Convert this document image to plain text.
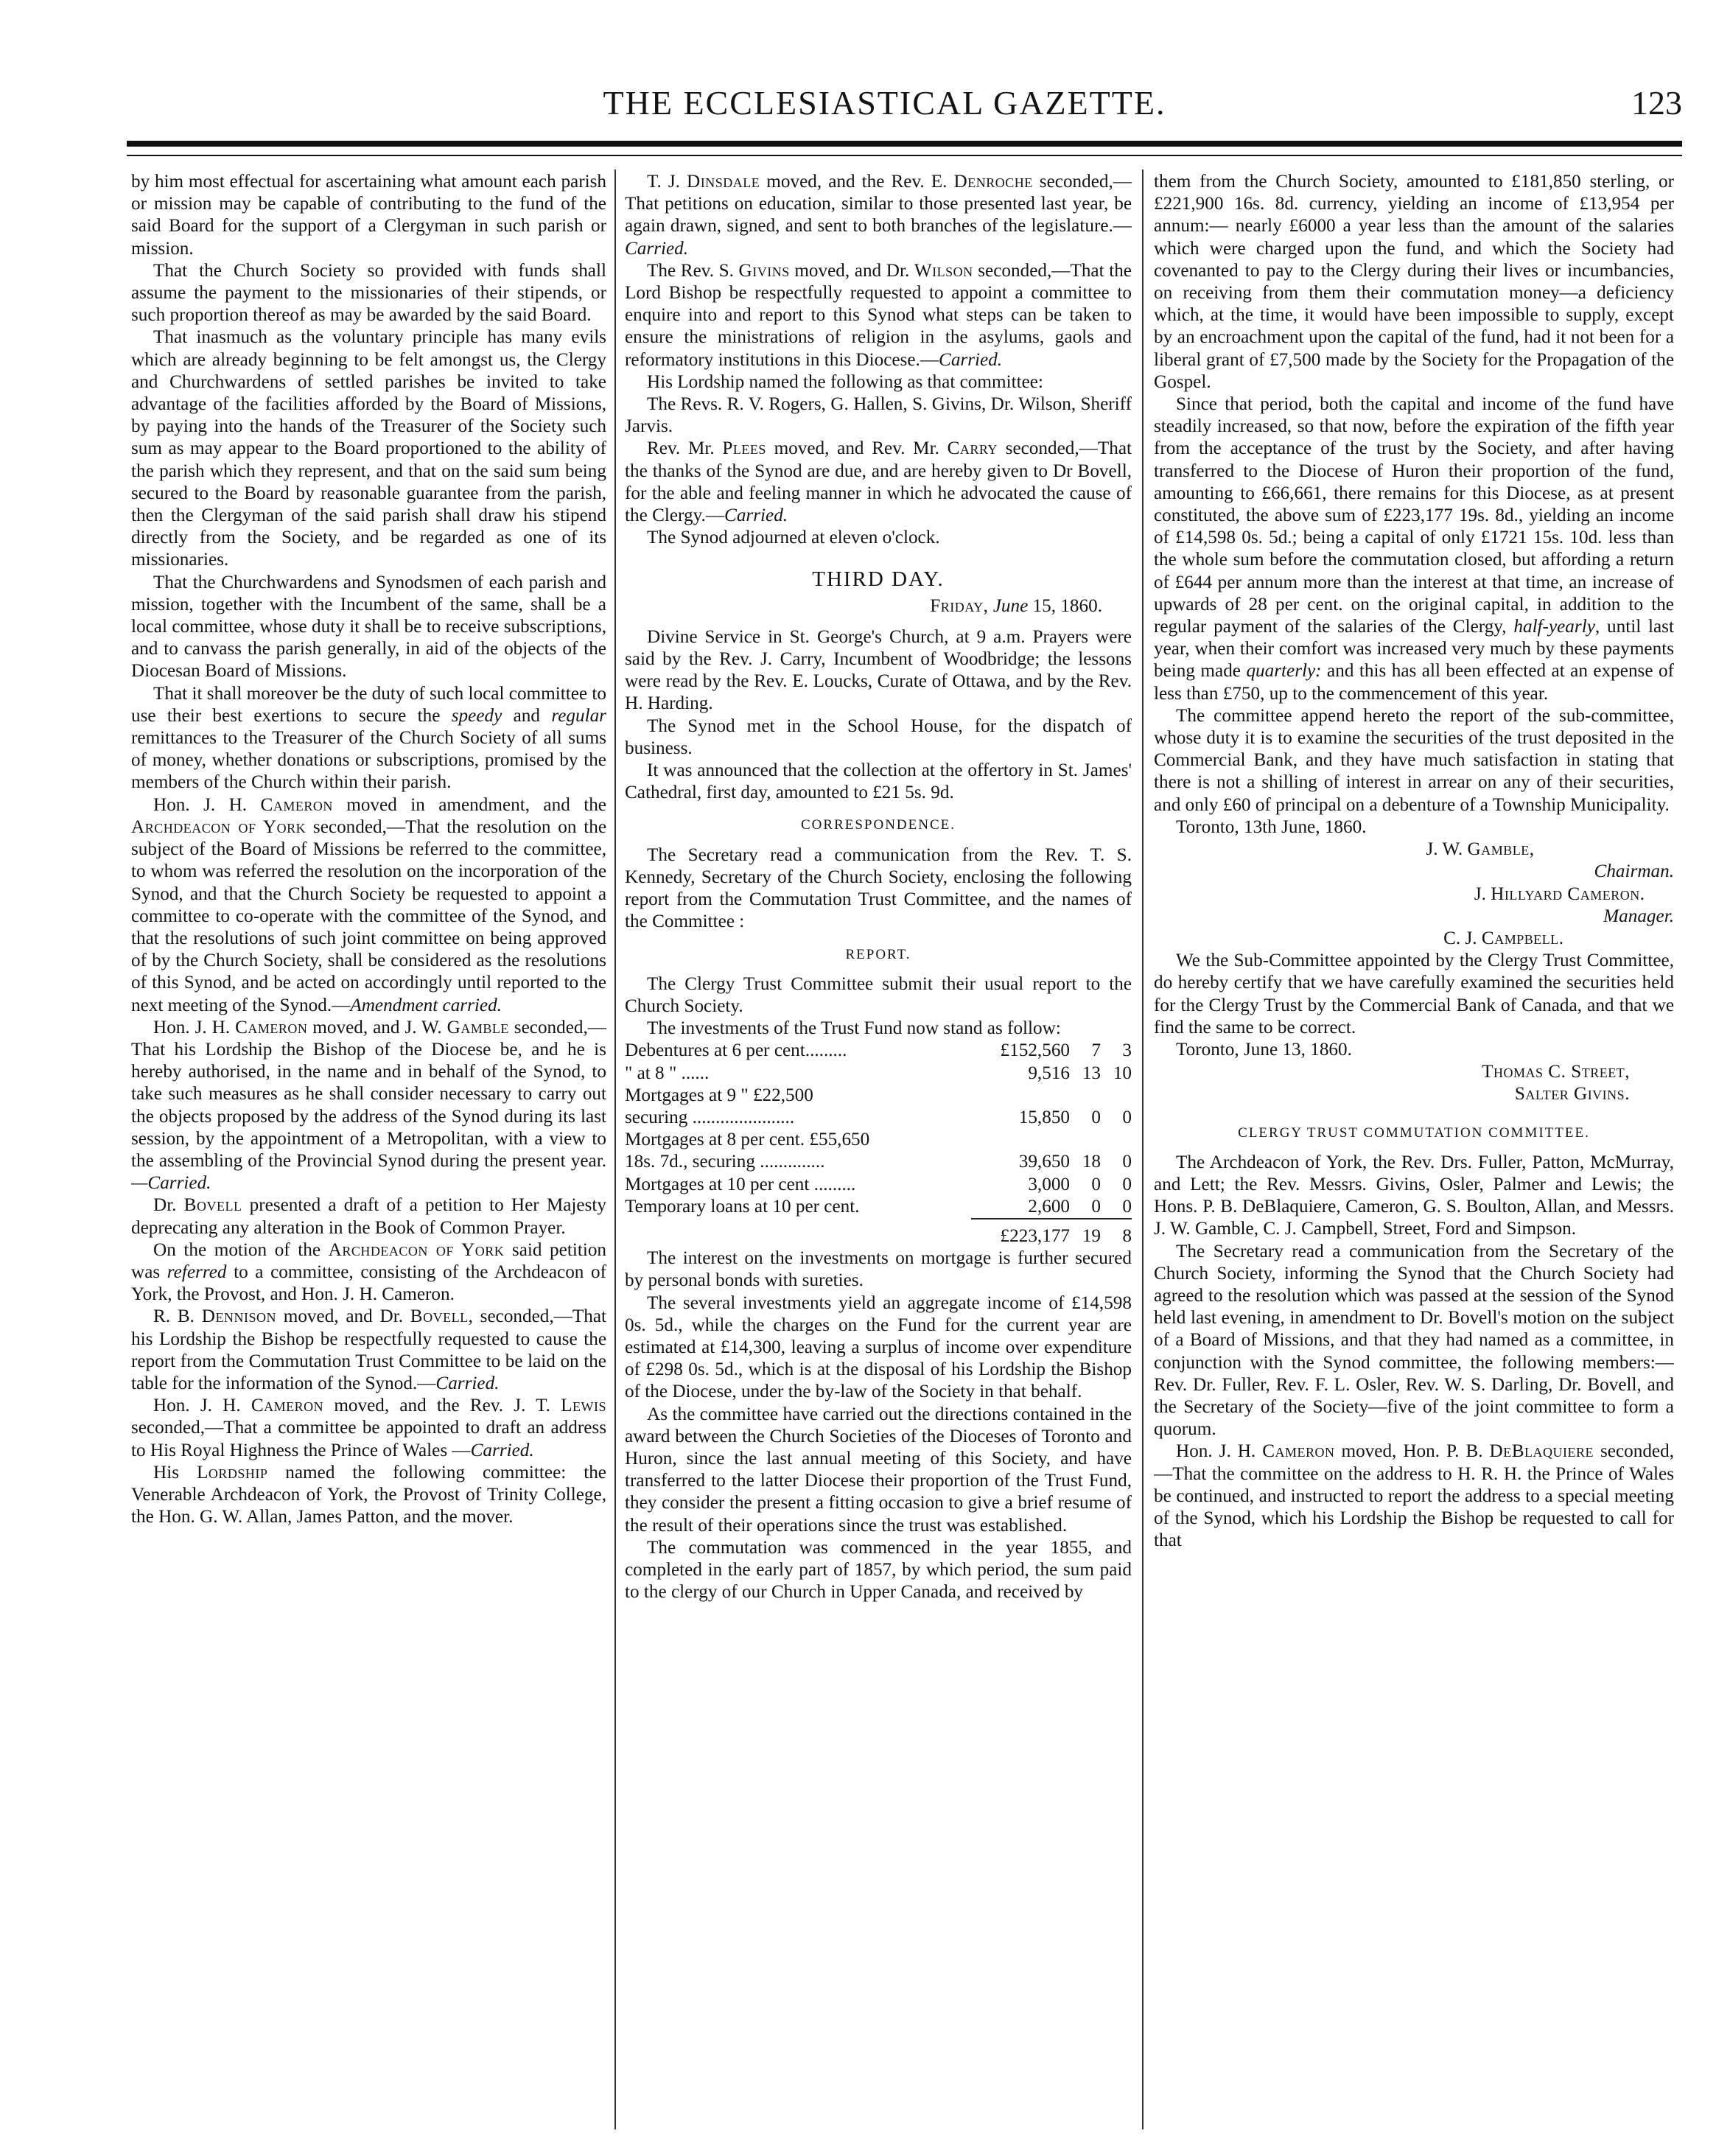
THE ECCLESIASTICAL GAZETTE.	123

by him most effectual for ascertaining what amount each parish or mission may be capable of contributing to the fund of the said Board for the support of a Clergyman in such parish or mission.

That the Church Society so provided with funds shall assume the payment to the missionaries of their stipends, or such proportion thereof as may be awarded by the said Board.

That inasmuch as the voluntary principle has many evils which are already beginning to be felt amongst us, the Clergy and Churchwardens of settled parishes be invited to take advantage of the facilities afforded by the Board of Missions, by paying into the hands of the Treasurer of the Society such sum as may appear to the Board proportioned to the ability of the parish which they represent, and that on the said sum being secured to the Board by reasonable guarantee from the parish, then the Clergyman of the said parish shall draw his stipend directly from the Society, and be regarded as one of its missionaries.

That the Churchwardens and Synodsmen of each parish and mission, together with the Incumbent of the same, shall be a local committee, whose duty it shall be to receive subscriptions, and to canvass the parish generally, in aid of the objects of the Diocesan Board of Missions.

That it shall moreover be the duty of such local committee to use their best exertions to secure the speedy and regular remittances to the Treasurer of the Church Society of all sums of money, whether donations or subscriptions, promised by the members of the Church within their parish.

Hon. J. H. Cameron moved in amendment, and the Archdeacon of York seconded,—That the resolution on the subject of the Board of Missions be referred to the committee, to whom was referred the resolution on the incorporation of the Synod, and that the Church Society be requested to appoint a committee to co-operate with the committee of the Synod, and that the resolutions of such joint committee on being approved of by the Church Society, shall be considered as the resolutions of this Synod, and be acted on accordingly until reported to the next meeting of the Synod.—Amendment carried.

Hon. J. H. Cameron moved, and J. W. Gamble seconded,—That his Lordship the Bishop of the Diocese be, and he is hereby authorised, in the name and in behalf of the Synod, to take such measures as he shall consider necessary to carry out the objects proposed by the address of the Synod during its last session, by the appointment of a Metropolitan, with a view to the assembling of the Provincial Synod during the present year.—Carried.

Dr. Bovell presented a draft of a petition to Her Majesty deprecating any alteration in the Book of Common Prayer.

On the motion of the Archdeacon of York said petition was referred to a committee, consisting of the Archdeacon of York, the Provost, and Hon. J. H. Cameron.

R. B. Dennison moved, and Dr. Bovell, seconded,—That his Lordship the Bishop be respectfully requested to cause the report from the Commutation Trust Committee to be laid on the table for the information of the Synod.—Carried.

Hon. J. H. Cameron moved, and the Rev. J. T. Lewis seconded,—That a committee be appointed to draft an address to His Royal Highness the Prince of Wales —Carried.

His Lordship named the following committee: the Venerable Archdeacon of York, the Provost of Trinity College, the Hon. G. W. Allan, James Patton, and the mover.

T. J. Dinsdale moved, and the Rev. E. Denroche seconded,—That petitions on education, similar to those presented last year, be again drawn, signed, and sent to both branches of the legislature.—Carried.

The Rev. S. Givins moved, and Dr. Wilson seconded,—That the Lord Bishop be respectfully requested to appoint a committee to enquire into and report to this Synod what steps can be taken to ensure the ministrations of religion in the asylums, gaols and reformatory institutions in this Diocese.—Carried.

His Lordship named the following as that committee:

The Revs. R. V. Rogers, G. Hallen, S. Givins, Dr. Wilson, Sheriff Jarvis.

Rev. Mr. Plees moved, and Rev. Mr. Carry seconded,—That the thanks of the Synod are due, and are hereby given to Dr Bovell, for the able and feeling manner in which he advocated the cause of the Clergy.—Carried.

The Synod adjourned at eleven o'clock.

THIRD DAY.

Friday, June 15, 1860.

Divine Service in St. George's Church, at 9 a.m. Prayers were said by the Rev. J. Carry, Incumbent of Woodbridge; the lessons were read by the Rev. E. Loucks, Curate of Ottawa, and by the Rev. H. Harding.

The Synod met in the School House, for the dispatch of business.

It was announced that the collection at the offertory in St. James' Cathedral, first day, amounted to £21 5s. 9d.

CORRESPONDENCE.

The Secretary read a communication from the Rev. T. S. Kennedy, Secretary of the Church Society, enclosing the following report from the Commutation Trust Committee, and the names of the Committee :

REPORT.

The Clergy Trust Committee submit their usual report to the Church Society.

The investments of the Trust Fund now stand as follow:

Debentures at 6 per cent.........	£152,560	7	3
" at 8 " ......	9,516	13	10
Mortgages at 9 " £22,500			
securing ......................	15,850	0	0
Mortgages at 8 per cent. £55,650			
18s. 7d., securing ..............	39,650	18	0
Mortgages at 10 per cent .........	3,000	0	0
Temporary loans at 10 per cent.	2,600	0	0
	£223,177	19	8

The interest on the investments on mortgage is further secured by personal bonds with sureties.

The several investments yield an aggregate income of £14,598 0s. 5d., while the charges on the Fund for the current year are estimated at £14,300, leaving a surplus of income over expenditure of £298 0s. 5d., which is at the disposal of his Lordship the Bishop of the Diocese, under the by-law of the Society in that behalf.

As the committee have carried out the directions contained in the award between the Church Societies of the Dioceses of Toronto and Huron, since the last annual meeting of this Society, and have transferred to the latter Diocese their proportion of the Trust Fund, they consider the present a fitting occasion to give a brief resume of the result of their operations since the trust was established.

The commutation was commenced in the year 1855, and completed in the early part of 1857, by which period, the sum paid to the clergy of our Church in Upper Canada, and received by

them from the Church Society, amounted to £181,850 sterling, or £221,900 16s. 8d. currency, yielding an income of £13,954 per annum:— nearly £6000 a year less than the amount of the salaries which were charged upon the fund, and which the Society had covenanted to pay to the Clergy during their lives or incumbancies, on receiving from them their commutation money—a deficiency which, at the time, it would have been impossible to supply, except by an encroachment upon the capital of the fund, had it not been for a liberal grant of £7,500 made by the Society for the Propagation of the Gospel.

Since that period, both the capital and income of the fund have steadily increased, so that now, before the expiration of the fifth year from the acceptance of the trust by the Society, and after having transferred to the Diocese of Huron their proportion of the fund, amounting to £66,661, there remains for this Diocese, as at present constituted, the above sum of £223,177 19s. 8d., yielding an income of £14,598 0s. 5d.; being a capital of only £1721 15s. 10d. less than the whole sum before the commutation closed, but affording a return of £644 per annum more than the interest at that time, an increase of upwards of 28 per cent. on the original capital, in addition to the regular payment of the salaries of the Clergy, half-yearly, until last year, when their comfort was increased very much by these payments being made quarterly: and this has all been effected at an expense of less than £750, up to the commencement of this year.

The committee append hereto the report of the sub-committee, whose duty it is to examine the securities of the trust deposited in the Commercial Bank, and they have much satisfaction in stating that there is not a shilling of interest in arrear on any of their securities, and only £60 of principal on a debenture of a Township Municipality.

Toronto, 13th June, 1860.

J. W. Gamble,

Chairman.

J. Hillyard Cameron.

Manager.

C. J. Campbell.

We the Sub-Committee appointed by the Clergy Trust Committee, do hereby certify that we have carefully examined the securities held for the Clergy Trust by the Commercial Bank of Canada, and that we find the same to be correct.

Toronto, June 13, 1860.

Thomas C. Street,

Salter Givins.

CLERGY TRUST COMMUTATION COMMITTEE.

The Archdeacon of York, the Rev. Drs. Fuller, Patton, McMurray, and Lett; the Rev. Messrs. Givins, Osler, Palmer and Lewis; the Hons. P. B. DeBlaquiere, Cameron, G. S. Boulton, Allan, and Messrs. J. W. Gamble, C. J. Campbell, Street, Ford and Simpson.

The Secretary read a communication from the Secretary of the Church Society, informing the Synod that the Church Society had agreed to the resolution which was passed at the session of the Synod held last evening, in amendment to Dr. Bovell's motion on the subject of a Board of Missions, and that they had named as a committee, in conjunction with the Synod committee, the following members:—Rev. Dr. Fuller, Rev. F. L. Osler, Rev. W. S. Darling, Dr. Bovell, and the Secretary of the Society—five of the joint committee to form a quorum.

Hon. J. H. Cameron moved, Hon. P. B. DeBlaquiere seconded,—That the committee on the address to H. R. H. the Prince of Wales be continued, and instructed to report the address to a special meeting of the Synod, which his Lordship the Bishop be requested to call for that
